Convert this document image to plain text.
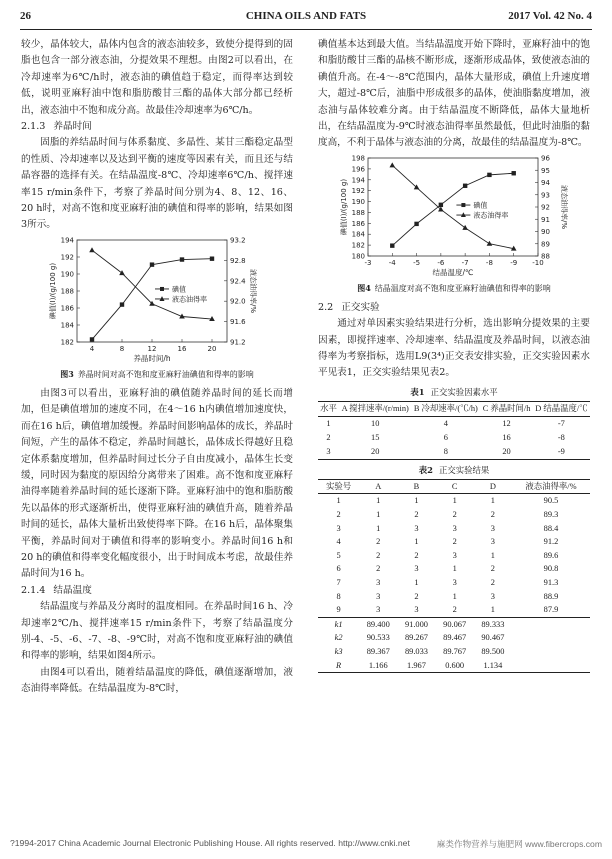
26	CHINA OILS AND FATS	2017 Vol. 42 No. 4

较少，晶体较大，晶体内包含的液态油较多，致使分提得到的固脂也包含一部分液态油，分提效果不理想。由图2可以看出，在冷却速率为6℃/h时，液态油的碘值趋于稳定，而得率达到较低，说明亚麻籽油中饱和脂肪酸甘三酯的晶体大部分都已经析出，液态油中不饱和成分高。故最佳冷却速率为6℃/h。

2.1.3 养晶时间

固脂的养结晶时间与体系黏度、多晶性、某甘三酯稳定晶型的性质、冷却速率以及达到平衡的速度等因素有关，而且还与结晶容器的选择有关。在结晶温度-8℃、冷却速率6℃/h、搅拌速率15 r/min条件下，考察了养晶时间分别为4、8、12、16、20 h时，对高不饱和度亚麻籽油的碘值和得率的影响，结果如图3所示。

4	8	12	16	20
182
184
186
188
190
192
194
91.2
91.6
92.0
92.4
92.8
93.2
养晶时间/h
碘值(I)/(g/100 g)	液态油得率/%
碘值
液态油得率
图3 养晶时间对高不饱和度亚麻籽油碘值和得率的影响

由图3可以看出，亚麻籽油的碘值随养晶时间的延长而增加，但是碘值增加的速度不同，在4～16 h内碘值增加速度快，而在16 h后，碘值增加缓慢。养晶时间影响晶体的成长，养晶时间短，产生的晶体不稳定，养晶时间越长，晶体成长得越好且稳定体系黏度增加，但养晶时间过长分子自由度减小，晶体生长变缓，同时因为黏度的原因给分离带来了困难。高不饱和度亚麻籽油得率随着养晶时间的延长逐渐下降。亚麻籽油中的饱和脂肪酸先以晶体的形式逐渐析出，使得亚麻籽油的碘值升高，随着养晶时间的延长，晶体大量析出致使得率下降。在16 h后，晶体聚集平衡，养晶时间对于碘值和得率的影响变小。养晶时间16 h和20 h的碘值和得率变化幅度很小，出于时间成本考虑，故最佳养晶时间为16 h。

2.1.4 结晶温度

结晶温度与养晶及分离时的温度相同。在养晶时间16 h、冷却速率2℃/h、搅拌速率15 r/min条件下，考察了结晶温度分别-4、-5、-6、-7、-8、-9℃时，对高不饱和度亚麻籽油的碘值和得率的影响，结果如图4所示。

由图4可以看出，随着结晶温度的降低，碘值逐渐增加，液态油得率降低。在结晶温度为-8℃时，

碘值基本达到最大值。当结晶温度开始下降时，亚麻籽油中的饱和脂肪酸甘三酯的晶核不断形成，逐渐形成晶体，致使液态油的碘值升高。在-4～-8℃范围内，晶体大量形成，碘值上升速度增大，超过-8℃后，油脂中形成很多的晶体，使油脂黏度增加，液态油与晶体较难分离。由于结晶温度不断降低，晶体大量地析出，在结晶温度为-9℃时液态油得率虽然最低，但此时油脂的黏度高，不利于晶体与液态油的分离，故最佳的结晶温度为-8℃。

-3 -4 -5 -6 -7 -8 -9 -10
180
182
184
186
188
190
192
194
196
198
88
89
90
91
92
93
94
95
96
结晶温度/℃
碘值(I)/(g/100 g)	液态油得率/%
碘值
液态油得率
图4 结晶温度对高不饱和度亚麻籽油碘值和得率的影响
2.2 正交实验

通过对单因素实验结果进行分析，选出影响分提效果的主要因素，即搅拌速率、冷却速率、结晶温度及养晶时间，以液态油得率为考察指标，选用L9(3⁴)正交表安排实验，正交实验因素水平见表1，正交实验结果见表2。

表1 正交实验因素水平
水平	A 搅拌速率/(r/min)	B 冷却速率/(℃/h)	C 养晶时间/h	D 结晶温度/℃
1	10	4	12	-7
2	15	6	16	-8
3	20	8	20	-9
表2 正交实验结果
实验号	A	B	C	D	液态油得率/%
1	1	1	1	1	90.5
2	1	2	2	2	89.3
3	1	3	3	3	88.4
4	2	1	2	3	91.2
5	2	2	3	1	89.6
6	2	3	1	2	90.8
7	3	1	3	2	91.3
8	3	2	1	3	88.9
9	3	3	2	1	87.9
k1	89.400	91.000	90.067	89.333	
k2	90.533	89.267	89.467	90.467	
k3	89.367	89.033	89.767	89.500	
R	1.166	1.967	0.600	1.134	
?1994-2017 China Academic Journal Electronic Publishing House. All rights reserved. http://www.cnki.net	麻类作物营养与施肥网 www.fibercrops.com
